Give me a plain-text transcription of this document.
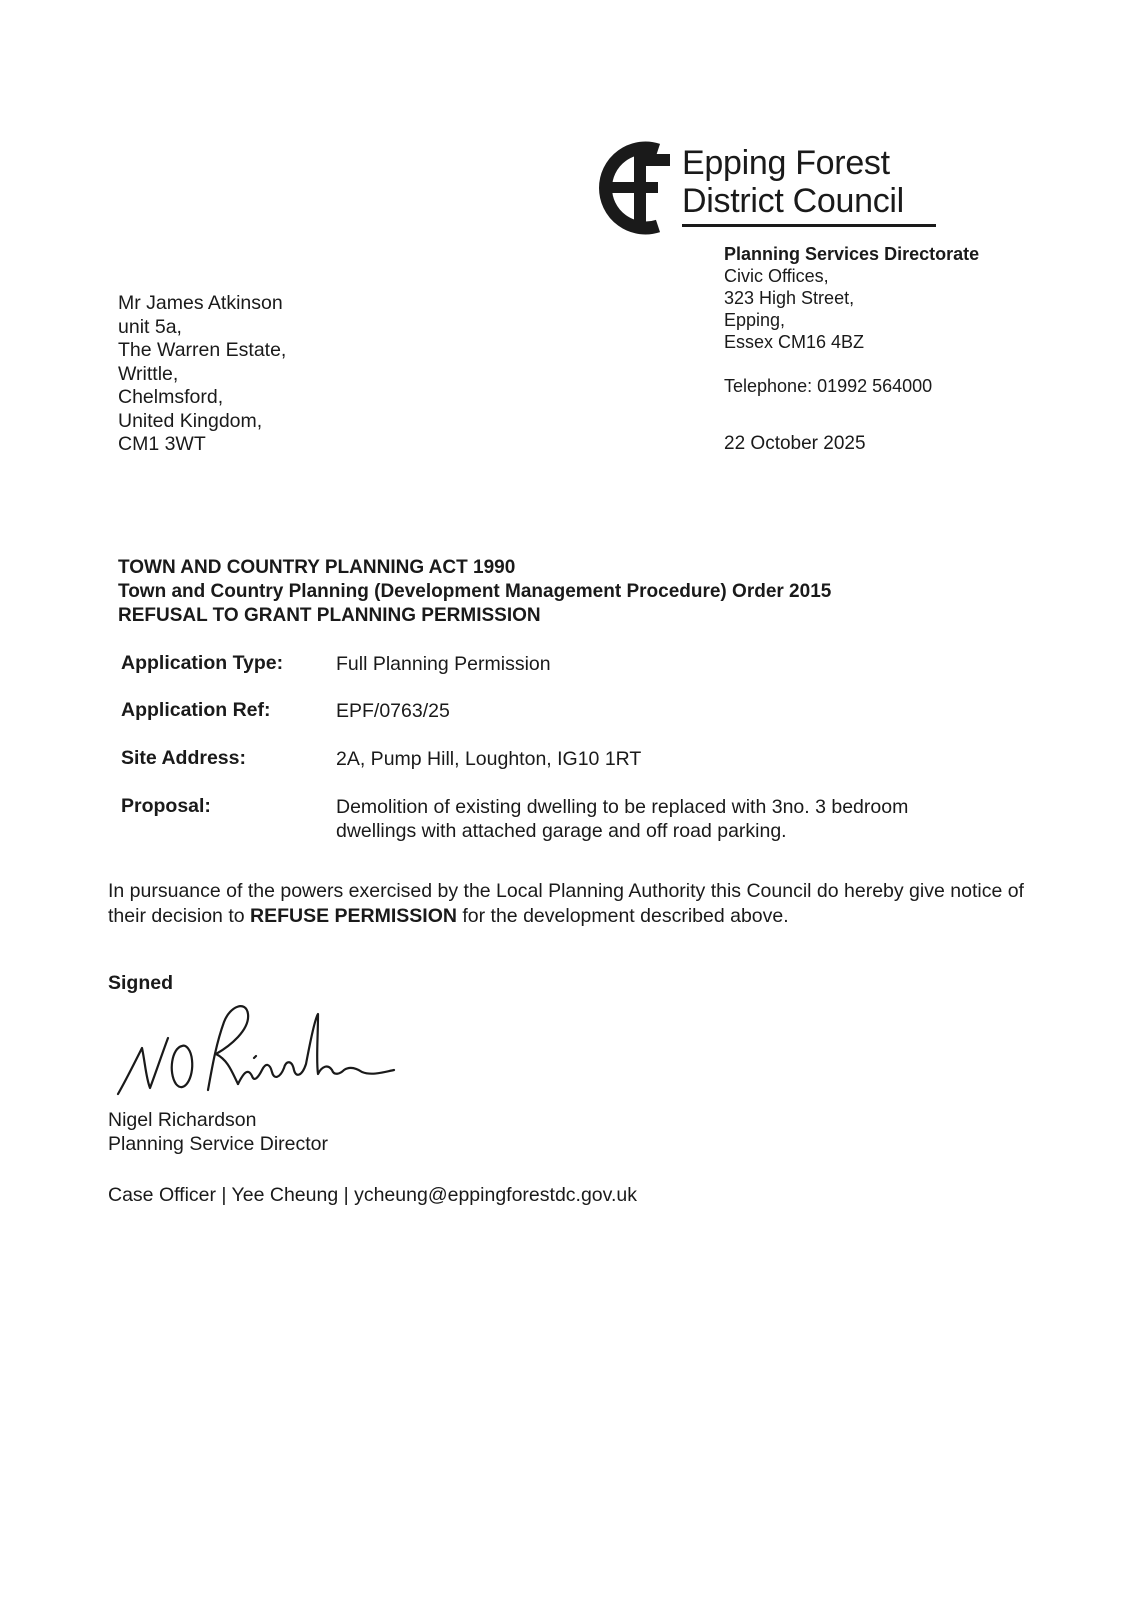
Epping Forest
District Council
Planning Services Directorate
Civic Offices,
323 High Street,
Epping,
Essex CM16 4BZ
Telephone: 01992 564000
22 October 2025
Mr James Atkinson
unit 5a,
The Warren Estate,
Writtle,
Chelmsford,
United Kingdom,
CM1 3WT
TOWN AND COUNTRY PLANNING ACT 1990
Town and Country Planning (Development Management Procedure) Order 2015
REFUSAL TO GRANT PLANNING PERMISSION
Application Type:	Full Planning Permission
Application Ref:	EPF/0763/25
Site Address:	2A, Pump Hill, Loughton, IG10 1RT
Proposal:	Demolition of existing dwelling to be replaced with 3no. 3 bedroom
dwellings with attached garage and off road parking.
In pursuance of the powers exercised by the Local Planning Authority this Council do hereby give notice of their decision to REFUSE PERMISSION for the development described above.
Signed
Nigel Richardson
Planning Service Director
Case Officer | Yee Cheung | ycheung@eppingforestdc.gov.uk
